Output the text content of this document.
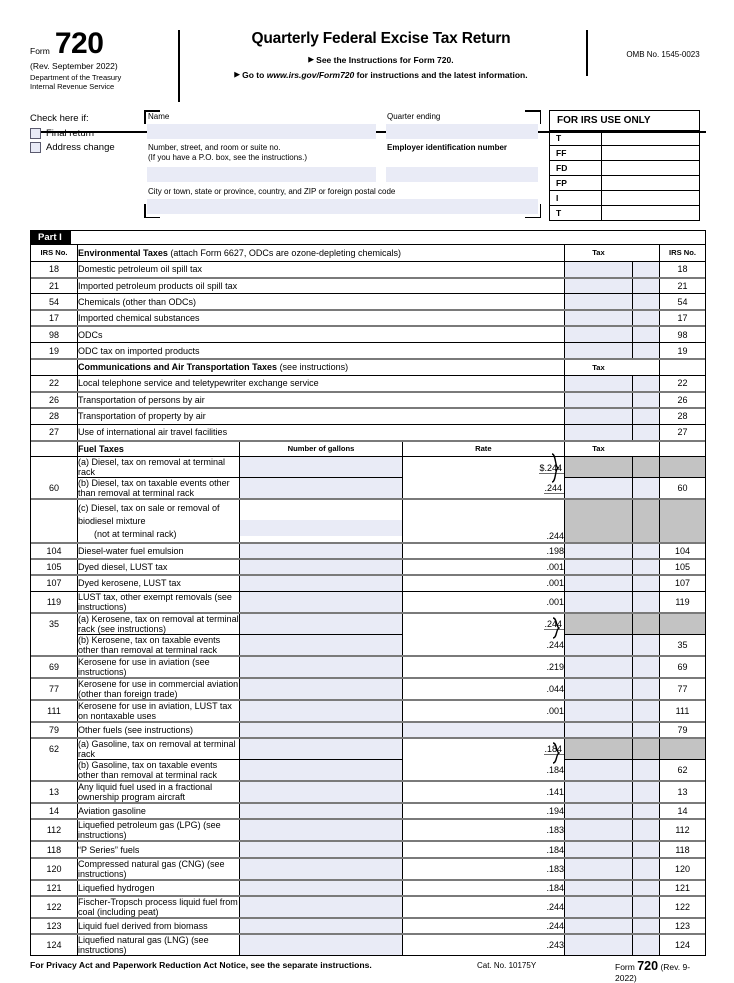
Form 720
(Rev. September 2022)
Department of the Treasury
Internal Revenue Service
Quarterly Federal Excise Tax Return
▶ See the Instructions for Form 720.
▶ Go to www.irs.gov/Form720 for instructions and the latest information.
OMB No. 1545-0023
Check here if:
Final return
Address change
Name	Quarter ending
Number, street, and room or suite no.
(If you have a P.O. box, see the instructions.)
Employer identification number
City or town, state or province, country, and ZIP or foreign postal code
FOR IRS USE ONLY
T
FF
FD
FP
I
T
Part I
IRS No.	Environmental Taxes (attach Form 6627, ODCs are ozone-depleting chemicals)			Tax		IRS No.
18	Domestic petroleum oil spill tax					18
21	Imported petroleum products oil spill tax					21
54	Chemicals (other than ODCs)					54
17	Imported chemical substances					17
98	ODCs					98
19	ODC tax on imported products					19
	Communications and Air Transportation Taxes (see instructions)			Tax		
22	Local telephone service and teletypewriter exchange service					22
26	Transportation of persons by air					26
28	Transportation of property by air					28
27	Use of international air travel facilities					27
	Fuel Taxes	Number of gallons	Rate	Tax		
	(a) Diesel, tax on removal at terminal rack		$.244

60	(b) Diesel, tax on taxable events other than removal at terminal rack		.244			60

	(c) Diesel, tax on sale or removal of biodiesel mixture
(not at terminal rack)		.244			
104	Diesel-water fuel emulsion		.198			104
105	Dyed diesel, LUST tax		.001			105
107	Dyed kerosene, LUST tax		.001			107
119	LUST tax, other exempt removals (see instructions)		.001			119
35	(a) Kerosene, tax on removal at terminal rack (see instructions)		.244

	(b) Kerosene, tax on taxable events other than removal at terminal rack		.244			35
69	Kerosene for use in aviation (see instructions)		.219			69
77	Kerosene for use in commercial aviation (other than foreign trade)		.044			77
111	Kerosene for use in aviation, LUST tax on nontaxable uses		.001			111
79	Other fuels (see instructions)					79
62	(a) Gasoline, tax on removal at terminal rack		.184

	(b) Gasoline, tax on taxable events other than removal at terminal rack		.184			62
13	Any liquid fuel used in a fractional ownership program aircraft		.141			13
14	Aviation gasoline		.194			14
112	Liquefied petroleum gas (LPG) (see instructions)		.183			112
118	“P Series” fuels		.184			118
120	Compressed natural gas (CNG) (see instructions)		.183			120
121	Liquefied hydrogen		.184			121
122	Fischer-Tropsch process liquid fuel from coal (including peat)		.244			122
123	Liquid fuel derived from biomass		.244			123
124	Liquefied natural gas (LNG) (see instructions)		.243			124
For Privacy Act and Paperwork Reduction Act Notice, see the separate instructions.	Cat. No. 10175Y	Form 720 (Rev. 9-2022)
